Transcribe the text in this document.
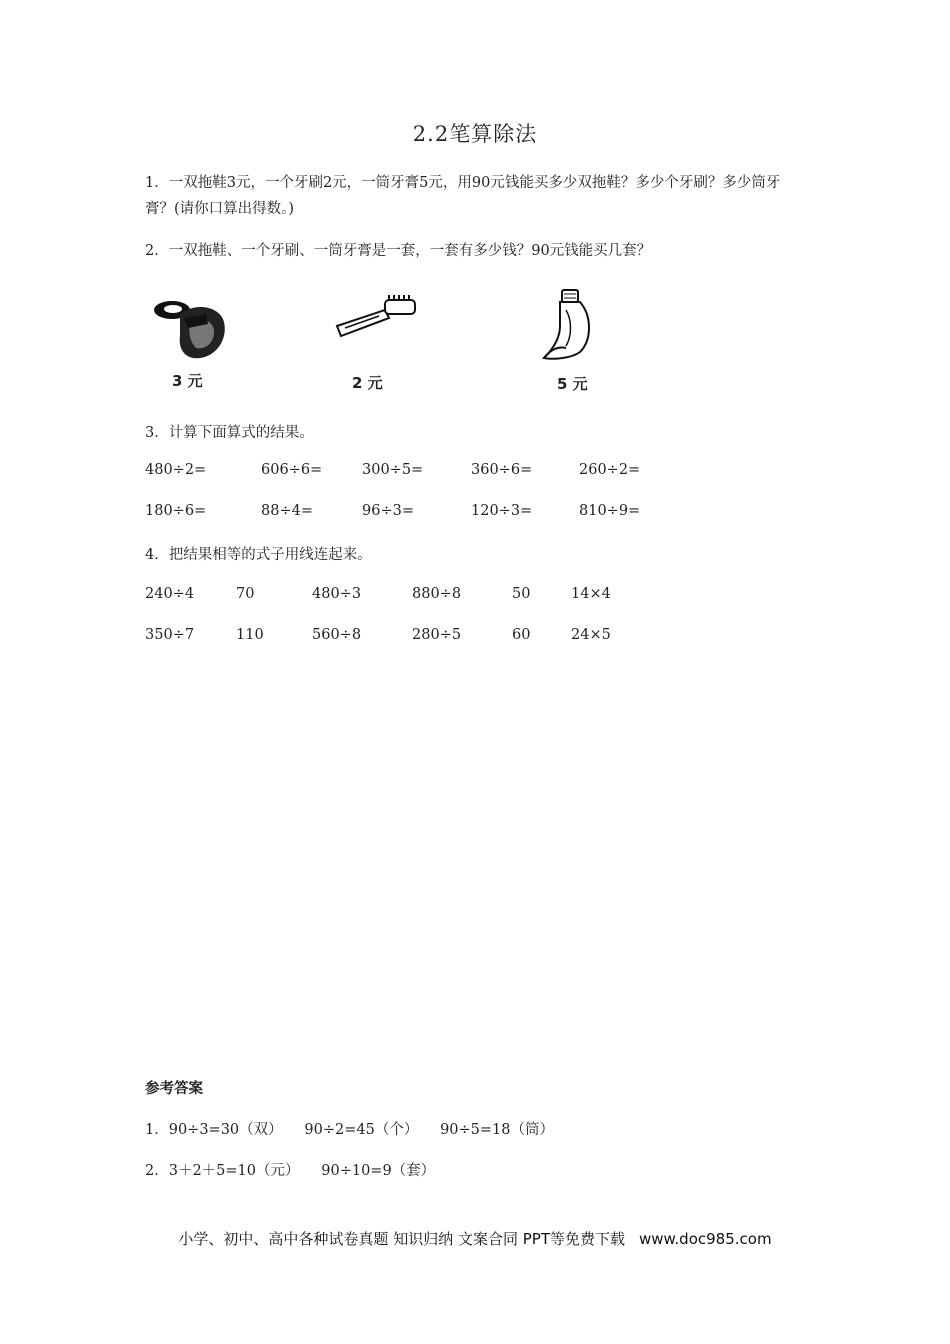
2.2笔算除法
1．一双拖鞋3元，一个牙刷2元，一筒牙膏5元，用90元钱能买多少双拖鞋？多少个牙刷？多少筒牙膏？(请你口算出得数。)
2．一双拖鞋、一个牙刷、一筒牙膏是一套，一套有多少钱？90元钱能买几套？
3 元	2 元	5 元
3．计算下面算式的结果。
480÷2=	606÷6=	300÷5=	360÷6=	260÷2=
180÷6=	88÷4=	96÷3=	120÷3=	810÷9=
4．把结果相等的式子用线连起来。
240÷4	70	480÷3	880÷8	50	14×4
350÷7	110	560÷8	280÷5	60	24×5
参考答案
1．90÷3=30（双）　　90÷2=45（个）　　90÷5=18（筒）
2．3＋2＋5=10（元）　　90÷10=9（套）
小学、初中、高中各种试卷真题 知识归纳 文案合同 PPT等免费下载 www.doc985.com
